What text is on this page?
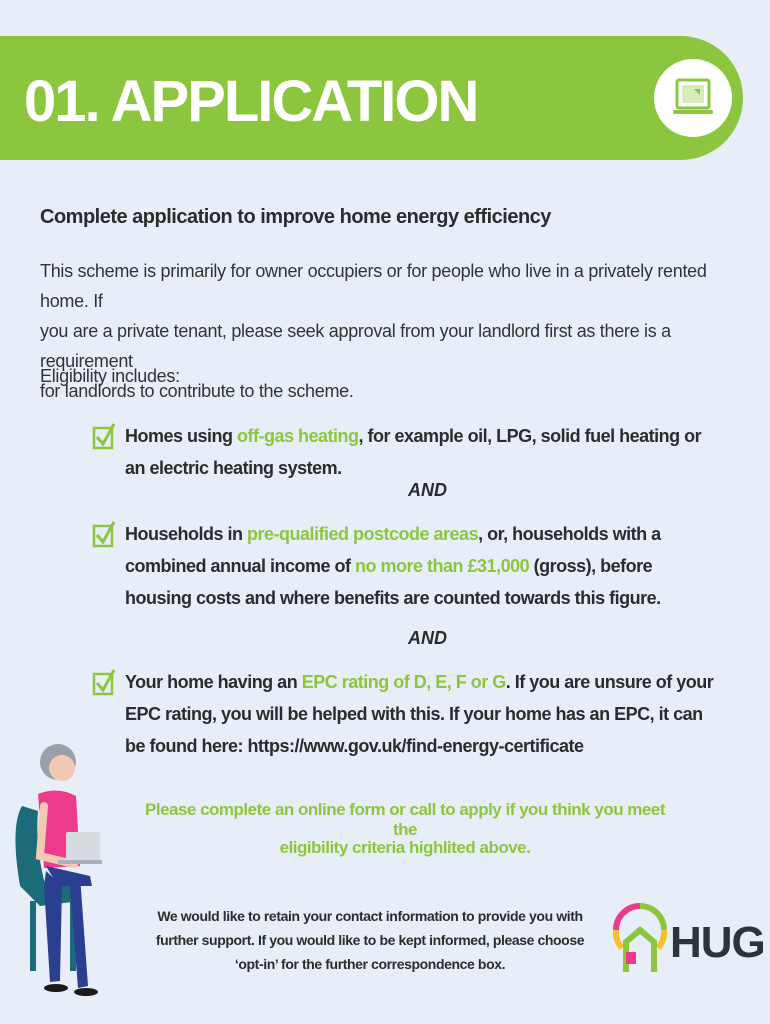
01. APPLICATION
Complete application to improve home energy efficiency
This scheme is primarily for owner occupiers or for people who live in a privately rented home. If
you are a private tenant, please seek approval from your landlord first as there is a requirement
for landlords to contribute to the scheme.
Eligibility includes:
Homes using off-gas heating, for example oil, LPG, solid fuel heating or an electric heating system.
AND
Households in pre-qualified postcode areas, or, households with a combined annual income of no more than £31,000 (gross), before housing costs and where benefits are counted towards this figure.
AND
Your home having an EPC rating of D, E, F or G. If you are unsure of your EPC rating, you will be helped with this. If your home has an EPC, it can be found here: https://www.gov.uk/find-energy-certificate
Please complete an online form or call to apply if you think you meet the
eligibility criteria highlited above.
We would like to retain your contact information to provide you with
further support. If you would like to be kept informed, please choose
‘opt-in’ for the further correspondence box.	HUG
